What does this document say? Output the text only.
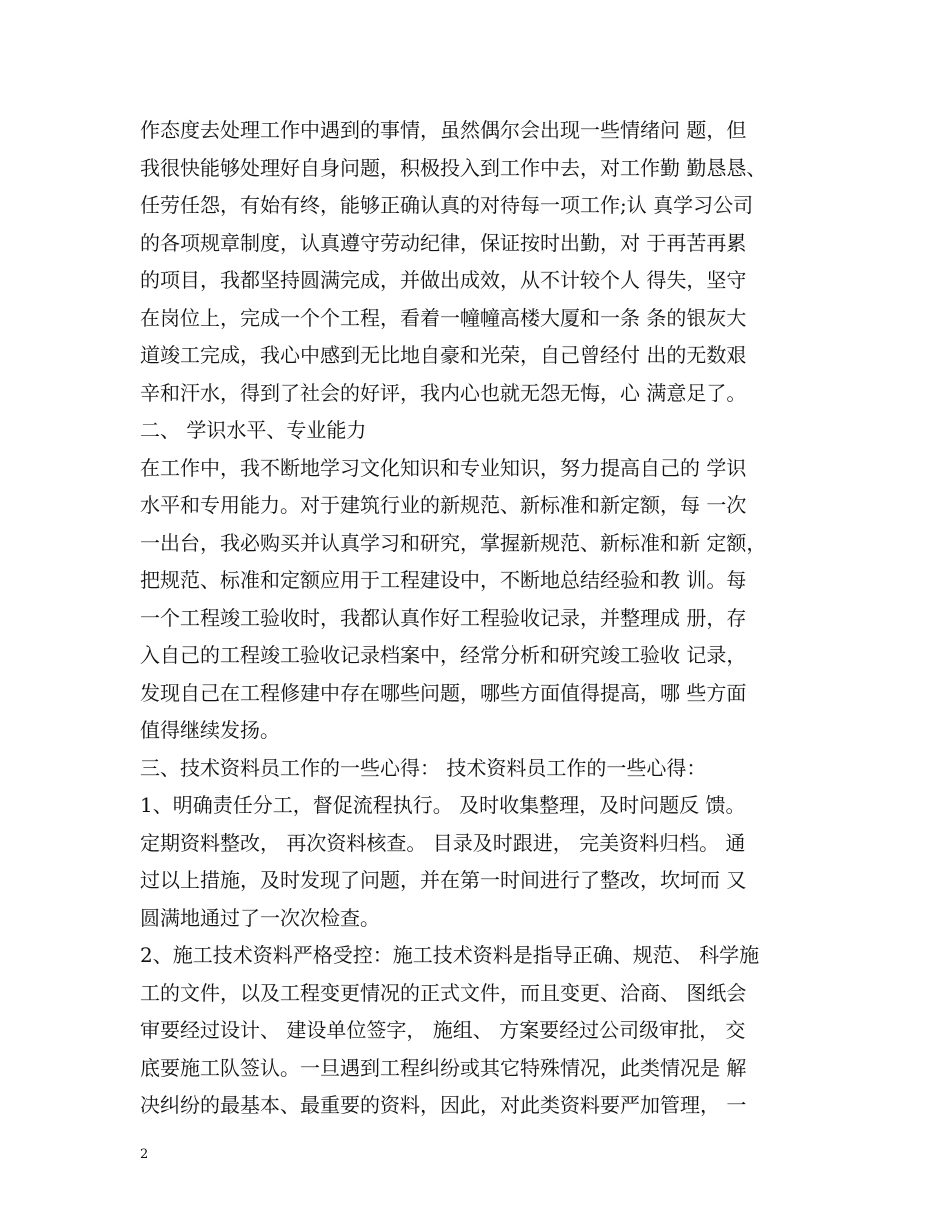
作态度去处理工作中遇到的事情，虽然偶尔会出现一些情绪问 题，但
我很快能够处理好自身问题，积极投入到工作中去，对工作勤 勤恳恳、
任劳任怨，有始有终，能够正确认真的对待每一项工作;认 真学习公司
的各项规章制度，认真遵守劳动纪律，保证按时出勤，对 于再苦再累
的项目，我都坚持圆满完成，并做出成效，从不计较个人 得失，坚守
在岗位上，完成一个个工程，看着一幢幢高楼大厦和一条 条的银灰大
道竣工完成，我心中感到无比地自豪和光荣，自己曾经付 出的无数艰
辛和汗水，得到了社会的好评，我内心也就无怨无悔，心 满意足了。
二、 学识水平、专业能力
在工作中，我不断地学习文化知识和专业知识，努力提高自己的 学识
水平和专用能力。对于建筑行业的新规范、新标准和新定额，每 一次
一出台，我必购买并认真学习和研究，掌握新规范、新标准和新 定额，
把规范、标准和定额应用于工程建设中，不断地总结经验和教 训。每
一个工程竣工验收时，我都认真作好工程验收记录，并整理成 册，存
入自己的工程竣工验收记录档案中，经常分析和研究竣工验收 记录，
发现自己在工程修建中存在哪些问题，哪些方面值得提高，哪 些方面
值得继续发扬。
三、技术资料员工作的一些心得： 技术资料员工作的一些心得：
1、明确责任分工，督促流程执行。 及时收集整理，及时问题反 馈。
定期资料整改， 再次资料核查。 目录及时跟进， 完美资料归档。 通
过以上措施，及时发现了问题，并在第一时间进行了整改，坎坷而 又
圆满地通过了一次次检查。
2、施工技术资料严格受控：施工技术资料是指导正确、规范、 科学施
工的文件，以及工程变更情况的正式文件，而且变更、洽商、 图纸会
审要经过设计、 建设单位签字， 施组、 方案要经过公司级审批， 交
底要施工队签认。一旦遇到工程纠纷或其它特殊情况，此类情况是 解
决纠纷的最基本、最重要的资料，因此，对此类资料要严加管理， 一
2
